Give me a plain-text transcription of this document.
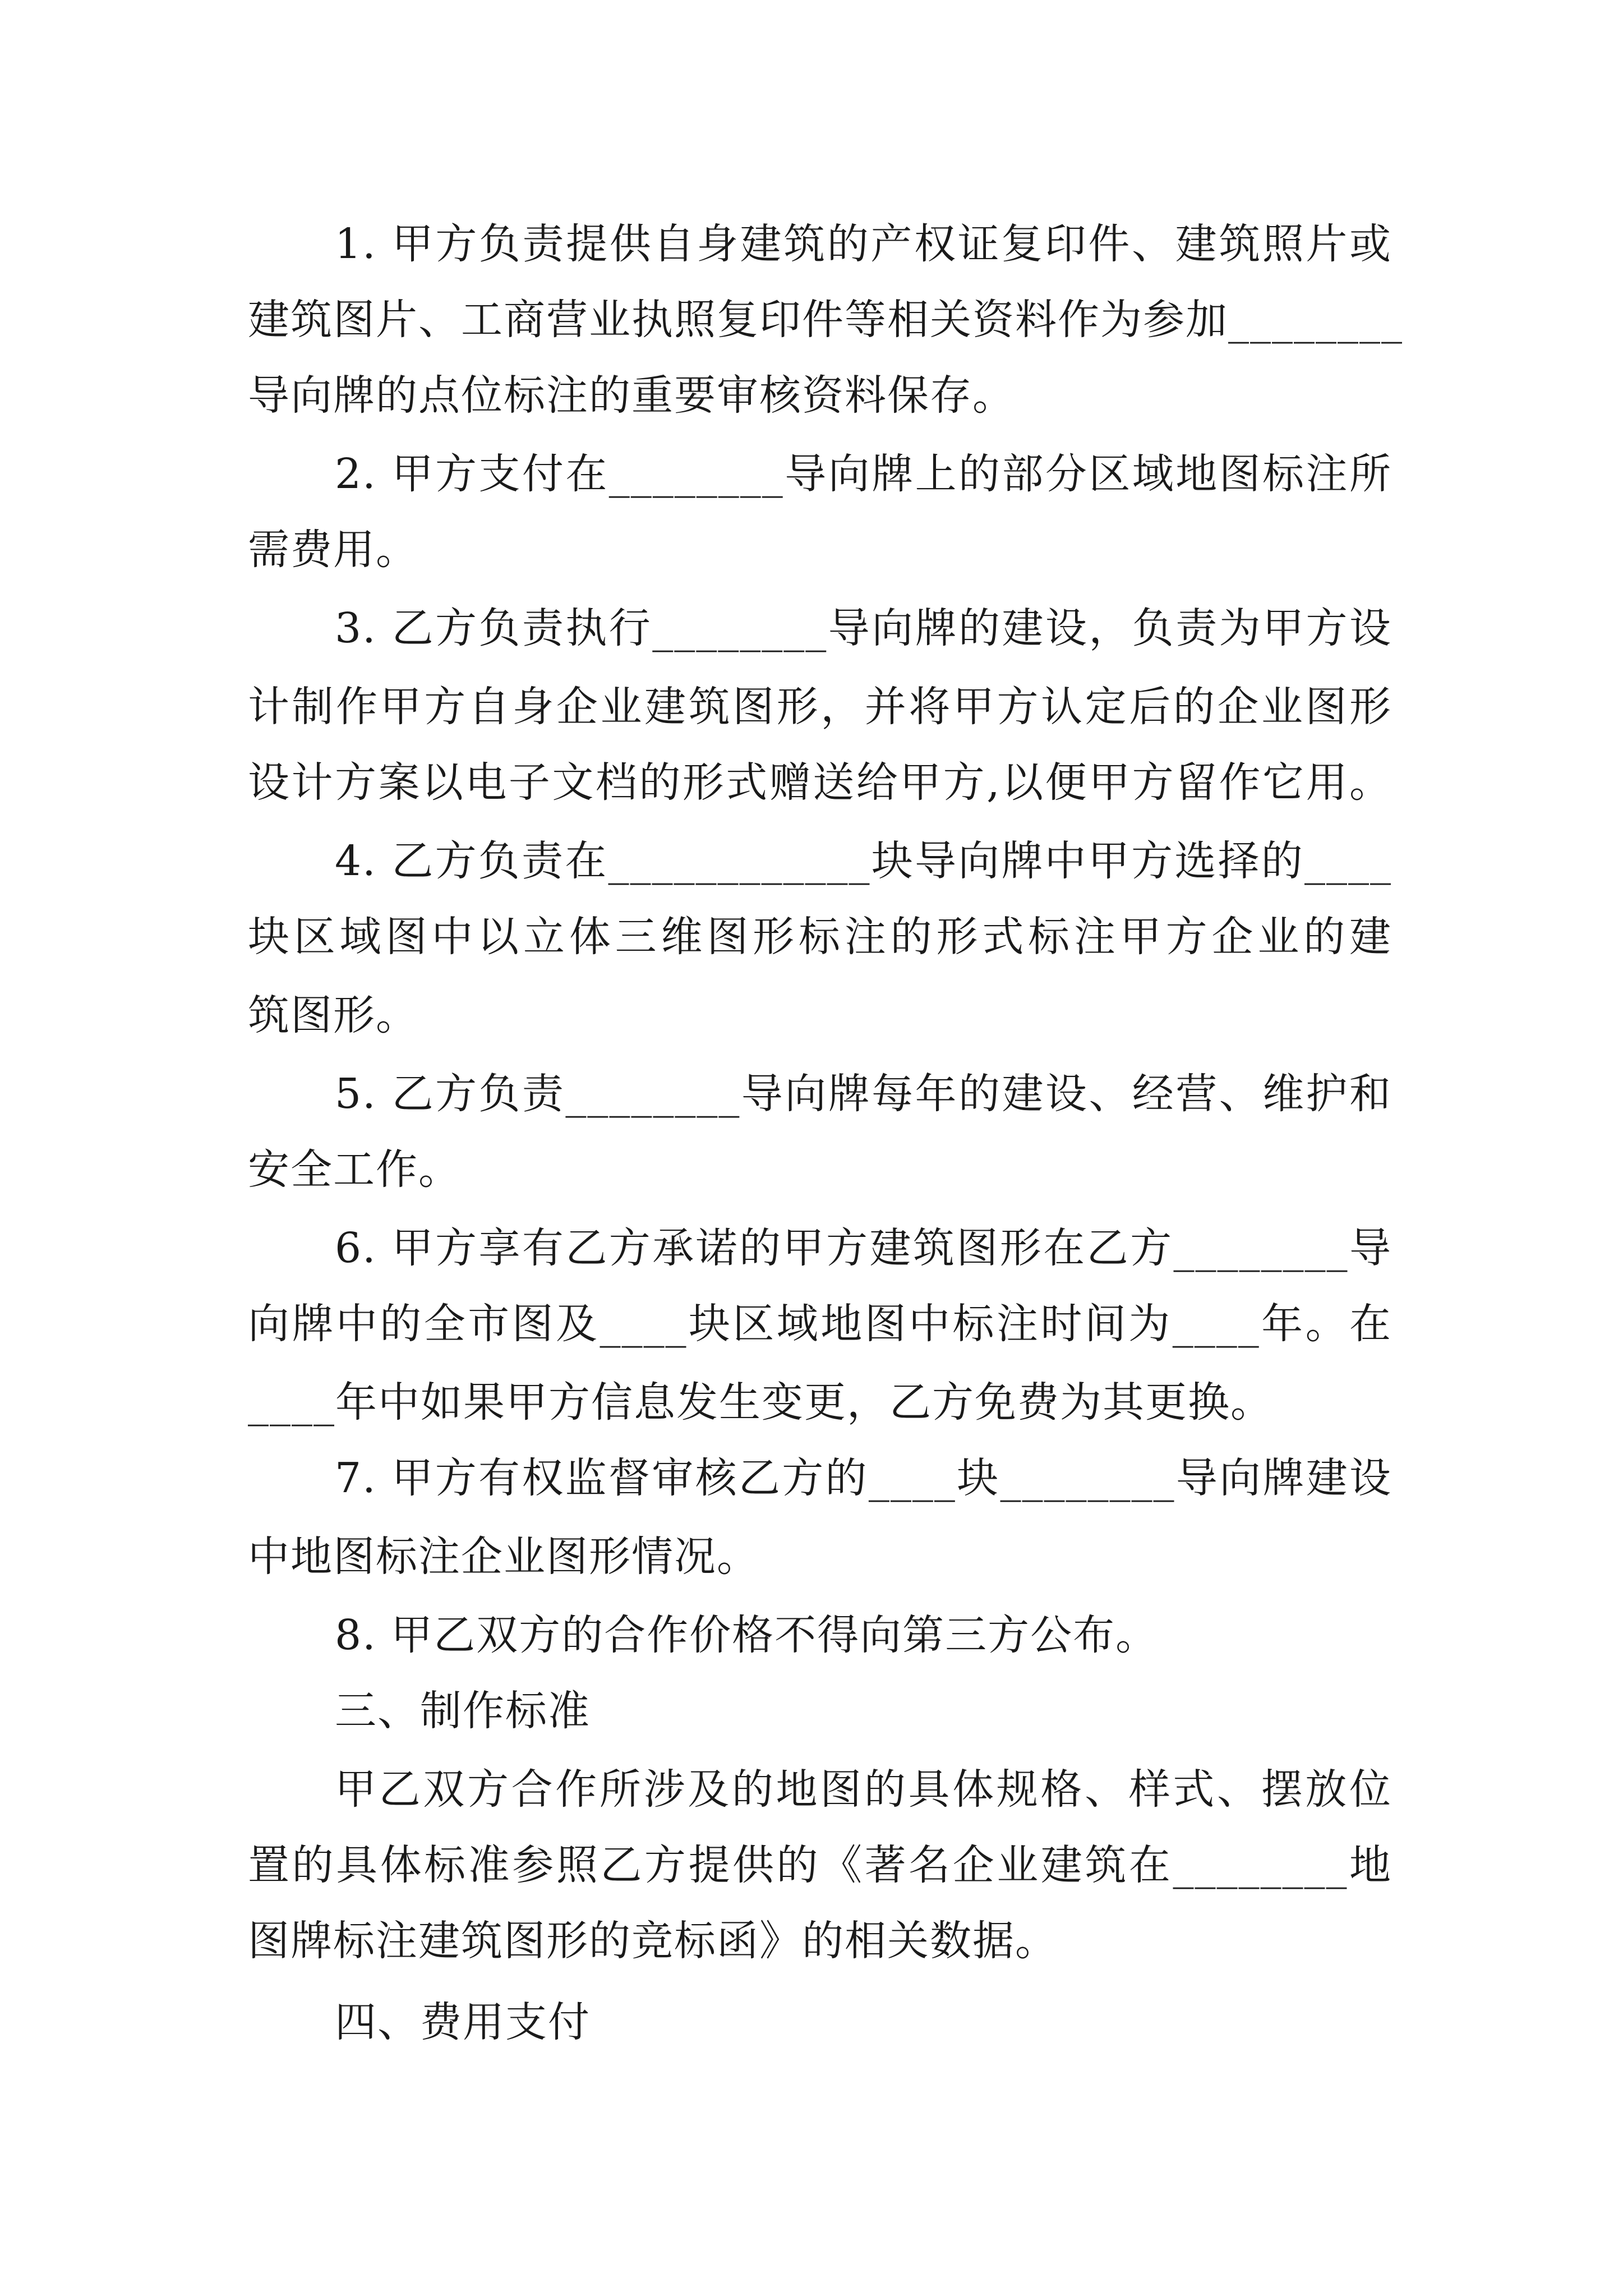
1. 甲方负责提供自身建筑的产权证复印件、建筑照片或
建筑图片、工商营业执照复印件等相关资料作为参加________
导向牌的点位标注的重要审核资料保存。
2. 甲方支付在________导向牌上的部分区域地图标注所
需费用。
3. 乙方负责执行________导向牌的建设，负责为甲方设
计制作甲方自身企业建筑图形，并将甲方认定后的企业图形
设计方案以电子文档的形式赠送给甲方,以便甲方留作它用。
4. 乙方负责在____________块导向牌中甲方选择的____
块区域图中以立体三维图形标注的形式标注甲方企业的建
筑图形。
5. 乙方负责________导向牌每年的建设、经营、维护和
安全工作。
6. 甲方享有乙方承诺的甲方建筑图形在乙方________导
向牌中的全市图及____块区域地图中标注时间为____年。在
____年中如果甲方信息发生变更，乙方免费为其更换。
7. 甲方有权监督审核乙方的____块________导向牌建设
中地图标注企业图形情况。
8. 甲乙双方的合作价格不得向第三方公布。
三、制作标准
甲乙双方合作所涉及的地图的具体规格、样式、摆放位
置的具体标准参照乙方提供的《著名企业建筑在________地
图牌标注建筑图形的竞标函》的相关数据。
四、费用支付
